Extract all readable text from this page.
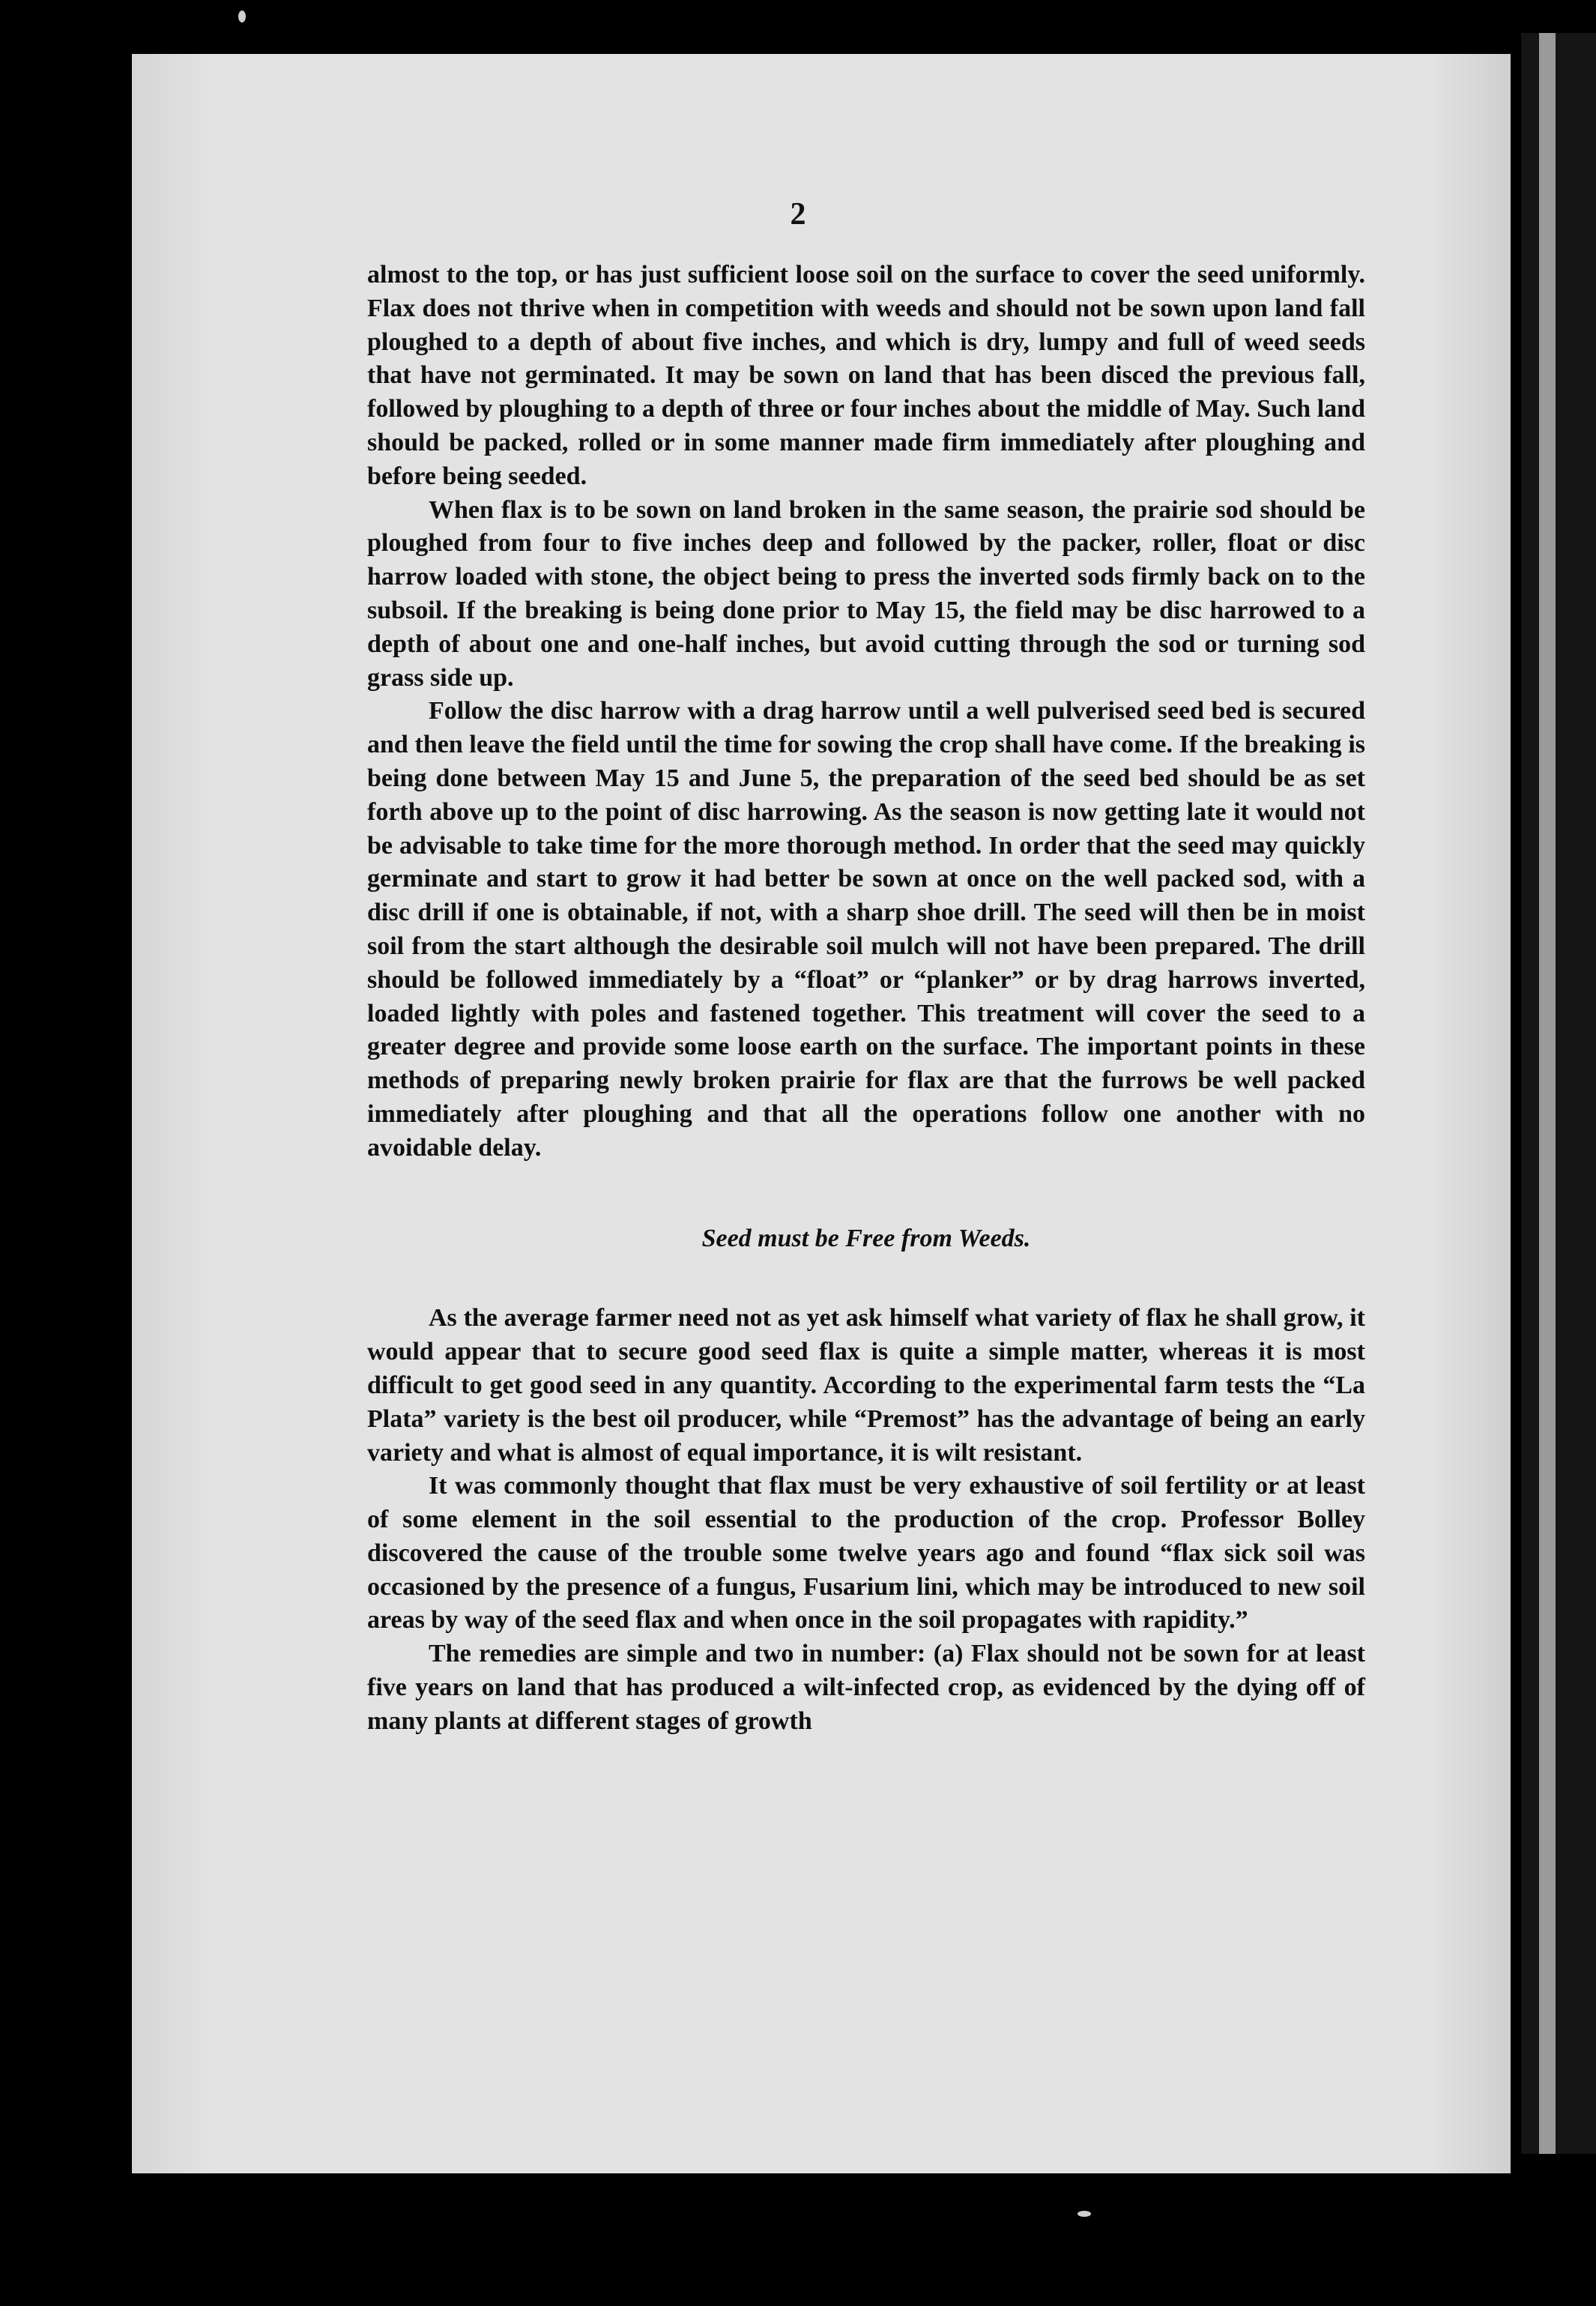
2

almost to the top, or has just sufficient loose soil on the surface to cover the seed uniformly. Flax does not thrive when in competition with weeds and should not be sown upon land fall ploughed to a depth of about five inches, and which is dry, lumpy and full of weed seeds that have not germinated. It may be sown on land that has been disced the previous fall, followed by ploughing to a depth of three or four inches about the middle of May. Such land should be packed, rolled or in some manner made firm immediately after ploughing and before being seeded.

When flax is to be sown on land broken in the same season, the prairie sod should be ploughed from four to five inches deep and followed by the packer, roller, float or disc harrow loaded with stone, the object being to press the inverted sods firmly back on to the subsoil. If the breaking is being done prior to May 15, the field may be disc harrowed to a depth of about one and one-half inches, but avoid cutting through the sod or turning sod grass side up.

Follow the disc harrow with a drag harrow until a well pulverised seed bed is secured and then leave the field until the time for sowing the crop shall have come. If the breaking is being done between May 15 and June 5, the preparation of the seed bed should be as set forth above up to the point of disc harrowing. As the season is now getting late it would not be advisable to take time for the more thorough method. In order that the seed may quickly germinate and start to grow it had better be sown at once on the well packed sod, with a disc drill if one is obtainable, if not, with a sharp shoe drill. The seed will then be in moist soil from the start although the desirable soil mulch will not have been prepared. The drill should be followed immediately by a “float” or “planker” or by drag harrows inverted, loaded lightly with poles and fastened together. This treatment will cover the seed to a greater degree and provide some loose earth on the surface. The important points in these methods of preparing newly broken prairie for flax are that the furrows be well packed immediately after ploughing and that all the operations follow one another with no avoidable delay.

Seed must be Free from Weeds.

As the average farmer need not as yet ask himself what variety of flax he shall grow, it would appear that to secure good seed flax is quite a simple matter, whereas it is most difficult to get good seed in any quantity. According to the experimental farm tests the “La Plata” variety is the best oil producer, while “Premost” has the advantage of being an early variety and what is almost of equal importance, it is wilt resistant.

It was commonly thought that flax must be very exhaustive of soil fertility or at least of some element in the soil essential to the production of the crop. Professor Bolley discovered the cause of the trouble some twelve years ago and found “flax sick soil was occasioned by the presence of a fungus, Fusarium lini, which may be introduced to new soil areas by way of the seed flax and when once in the soil propagates with rapidity.”

The remedies are simple and two in number: (a) Flax should not be sown for at least five years on land that has produced a wilt-infected crop, as evidenced by the dying off of many plants at different stages of growth
